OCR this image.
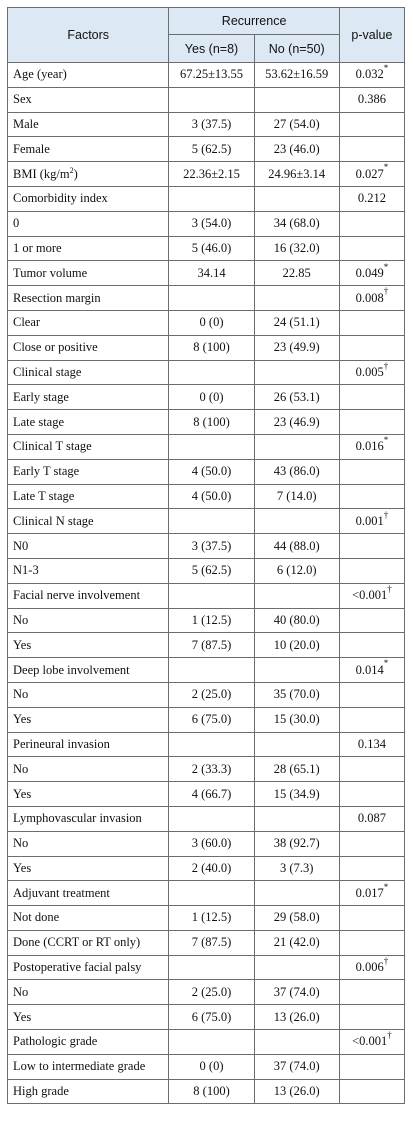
Factors	Recurrence		p-value
	Yes (n=8)	No (n=50)	
Age (year)	67.25±13.55	53.62±16.59	0.032*
Sex			0.386
Male	3 (37.5)	27 (54.0)	
Female	5 (62.5)	23 (46.0)	
BMI $(kg/m^2)$	22.36±2.15	24.96±3.14	0.027*
Comorbidity index			0.212
0	3 (54.0)	34 (68.0)	
1 or more	5 (46.0)	16 (32.0)	
Tumor volume	34.14	22.85	0.049*
Resection margin			0.008†
Clear	0 (0)	24 (51.1)	
Close or positive	8 (100)	23 (49.9)	
Clinical stage			0.005†
Early stage	0 (0)	26 (53.1)	
Late stage	8 (100)	23 (46.9)	
Clinical T stage			0.016*
Early T stage	4 (50.0)	43 (86.0)	
Late T stage	4 (50.0)	7 (14.0)	
Clinical N stage			0.001†
N0	3 (37.5)	44 (88.0)	
N1-3	5 (62.5)	6 (12.0)	
Facial nerve involvement			<0.001†
No	1 (12.5)	40 (80.0)	
Yes	7 (87.5)	10 (20.0)	
Deep lobe involvement			0.014*
No	2 (25.0)	35 (70.0)	
Yes	6 (75.0)	15 (30.0)	
Perineural invasion			0.134
No	2 (33.3)	28 (65.1)	
Yes	4 (66.7)	15 (34.9)	
Lymphovascular invasion			0.087
No	3 (60.0)	38 (92.7)	
Yes	2 (40.0)	3 (7.3)	
Adjuvant treatment			0.017*
Not done	1 (12.5)	29 (58.0)	
Done (CCRT or RT only)	7 (87.5)	21 (42.0)	
Postoperative facial palsy			0.006†
No	2 (25.0)	37 (74.0)	
Yes	6 (75.0)	13 (26.0)	
Pathologic grade			<0.001†
Low to intermediate grade	0 (0)	37 (74.0)	
High grade	8 (100)	13 (26.0)	
